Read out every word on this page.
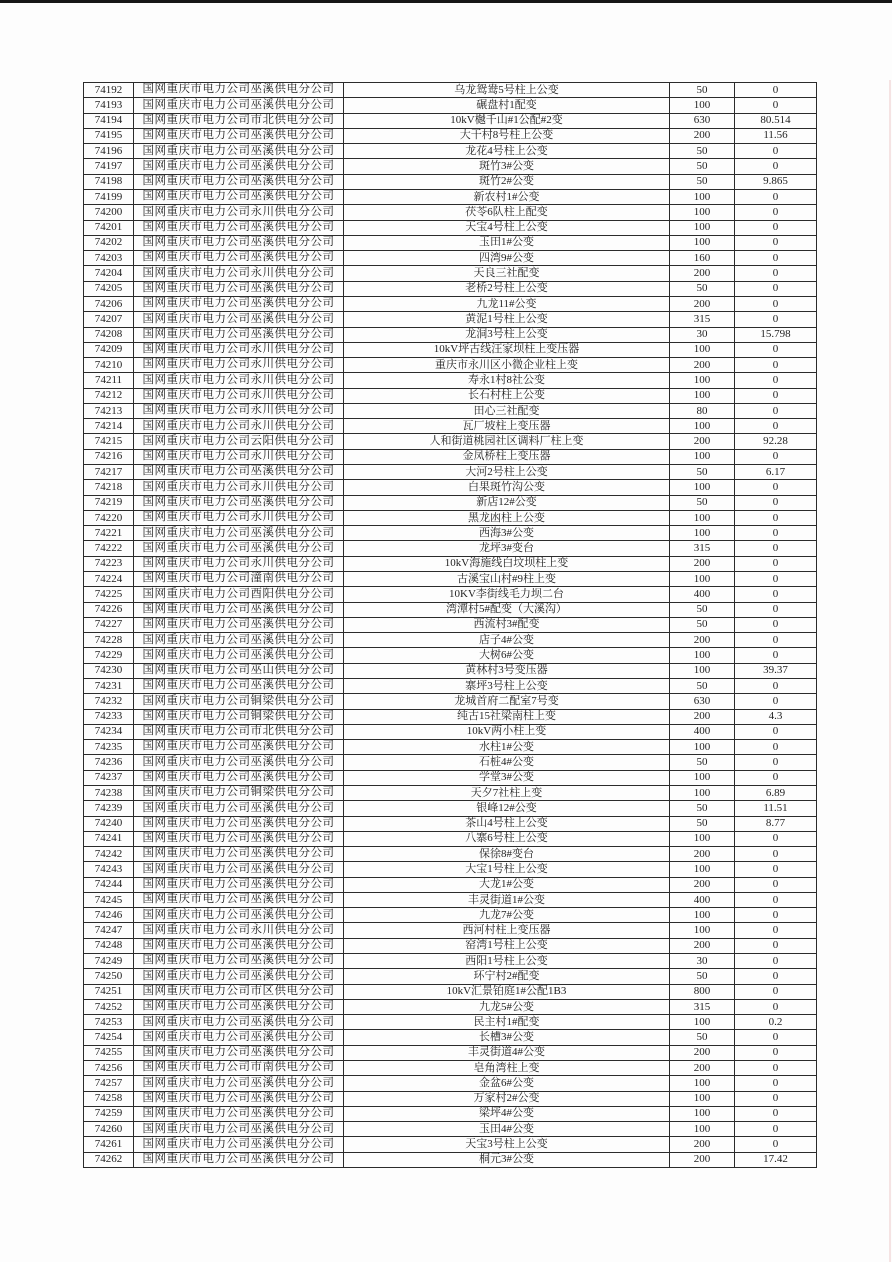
74192	国网重庆市电力公司巫溪供电分公司	乌龙鸳鸯5号柱上公变	50	0
74193	国网重庆市电力公司巫溪供电分公司	碾盘村1配变	100	0
74194	国网重庆市电力公司市北供电分公司	10kV樾千山#1公配#2变	630	80.514
74195	国网重庆市电力公司巫溪供电分公司	大干村8号柱上公变	200	11.56
74196	国网重庆市电力公司巫溪供电分公司	龙花4号柱上公变	50	0
74197	国网重庆市电力公司巫溪供电分公司	斑竹3#公变	50	0
74198	国网重庆市电力公司巫溪供电分公司	斑竹2#公变	50	9.865
74199	国网重庆市电力公司巫溪供电分公司	新农村1#公变	100	0
74200	国网重庆市电力公司永川供电分公司	茯苓6队柱上配变	100	0
74201	国网重庆市电力公司巫溪供电分公司	天宝4号柱上公变	100	0
74202	国网重庆市电力公司巫溪供电分公司	玉田1#公变	100	0
74203	国网重庆市电力公司巫溪供电分公司	四湾9#公变	160	0
74204	国网重庆市电力公司永川供电分公司	天良三社配变	200	0
74205	国网重庆市电力公司巫溪供电分公司	老桥2号柱上公变	50	0
74206	国网重庆市电力公司巫溪供电分公司	九龙11#公变	200	0
74207	国网重庆市电力公司巫溪供电分公司	黄泥1号柱上公变	315	0
74208	国网重庆市电力公司巫溪供电分公司	龙洞3号柱上公变	30	15.798
74209	国网重庆市电力公司永川供电分公司	10kV坪古线汪家坝柱上变压器	100	0
74210	国网重庆市电力公司永川供电分公司	重庆市永川区小微企业柱上变	200	0
74211	国网重庆市电力公司永川供电分公司	寿永1村8社公变	100	0
74212	国网重庆市电力公司永川供电分公司	长石村柱上公变	100	0
74213	国网重庆市电力公司永川供电分公司	田心三社配变	80	0
74214	国网重庆市电力公司永川供电分公司	瓦厂坡柱上变压器	100	0
74215	国网重庆市电力公司云阳供电分公司	人和街道桃园社区调料厂柱上变	200	92.28
74216	国网重庆市电力公司永川供电分公司	金凤桥柱上变压器	100	0
74217	国网重庆市电力公司巫溪供电分公司	大河2号柱上公变	50	6.17
74218	国网重庆市电力公司永川供电分公司	白果斑竹沟公变	100	0
74219	国网重庆市电力公司巫溪供电分公司	新店12#公变	50	0
74220	国网重庆市电力公司永川供电分公司	黑龙凼柱上公变	100	0
74221	国网重庆市电力公司巫溪供电分公司	西海3#公变	100	0
74222	国网重庆市电力公司巫溪供电分公司	龙坪3#变台	315	0
74223	国网重庆市电力公司永川供电分公司	10kV海施线白坟坝柱上变	200	0
74224	国网重庆市电力公司潼南供电分公司	古溪宝山村#9柱上变	100	0
74225	国网重庆市电力公司酉阳供电分公司	10KV李街线毛力坝二台	400	0
74226	国网重庆市电力公司巫溪供电分公司	湾潭村5#配变（大溪沟）	50	0
74227	国网重庆市电力公司巫溪供电分公司	西流村3#配变	50	0
74228	国网重庆市电力公司巫溪供电分公司	店子4#公变	200	0
74229	国网重庆市电力公司巫溪供电分公司	大树6#公变	100	0
74230	国网重庆市电力公司巫山供电分公司	黄林村3号变压器	100	39.37
74231	国网重庆市电力公司巫溪供电分公司	寨坪3号柱上公变	50	0
74232	国网重庆市电力公司铜梁供电分公司	龙城首府二配室7号变	630	0
74233	国网重庆市电力公司铜梁供电分公司	纯古15社梁南柱上变	200	4.3
74234	国网重庆市电力公司市北供电分公司	10kV两小柱上变	400	0
74235	国网重庆市电力公司巫溪供电分公司	水柱1#公变	100	0
74236	国网重庆市电力公司巫溪供电分公司	石桩4#公变	50	0
74237	国网重庆市电力公司巫溪供电分公司	学堂3#公变	100	0
74238	国网重庆市电力公司铜梁供电分公司	天夕7社柱上变	100	6.89
74239	国网重庆市电力公司巫溪供电分公司	银峰12#公变	50	11.51
74240	国网重庆市电力公司巫溪供电分公司	茶山4号柱上公变	50	8.77
74241	国网重庆市电力公司巫溪供电分公司	八寨6号柱上公变	100	0
74242	国网重庆市电力公司巫溪供电分公司	保徐8#变台	200	0
74243	国网重庆市电力公司巫溪供电分公司	大宝1号柱上公变	100	0
74244	国网重庆市电力公司巫溪供电分公司	大龙1#公变	200	0
74245	国网重庆市电力公司巫溪供电分公司	丰灵街道1#公变	400	0
74246	国网重庆市电力公司巫溪供电分公司	九龙7#公变	100	0
74247	国网重庆市电力公司永川供电分公司	西河村柱上变压器	100	0
74248	国网重庆市电力公司巫溪供电分公司	窑湾1号柱上公变	200	0
74249	国网重庆市电力公司巫溪供电分公司	西阳1号柱上公变	30	0
74250	国网重庆市电力公司巫溪供电分公司	环宁村2#配变	50	0
74251	国网重庆市电力公司市区供电分公司	10kV汇景铂庭1#公配1B3	800	0
74252	国网重庆市电力公司巫溪供电分公司	九龙5#公变	315	0
74253	国网重庆市电力公司巫溪供电分公司	民主村1#配变	100	0.2
74254	国网重庆市电力公司巫溪供电分公司	长槽3#公变	50	0
74255	国网重庆市电力公司巫溪供电分公司	丰灵街道4#公变	200	0
74256	国网重庆市电力公司市南供电分公司	皂角湾柱上变	200	0
74257	国网重庆市电力公司巫溪供电分公司	金盆6#公变	100	0
74258	国网重庆市电力公司巫溪供电分公司	万家村2#公变	100	0
74259	国网重庆市电力公司巫溪供电分公司	梁坪4#公变	100	0
74260	国网重庆市电力公司巫溪供电分公司	玉田4#公变	100	0
74261	国网重庆市电力公司巫溪供电分公司	天宝3号柱上公变	200	0
74262	国网重庆市电力公司巫溪供电分公司	桐元3#公变	200	17.42
